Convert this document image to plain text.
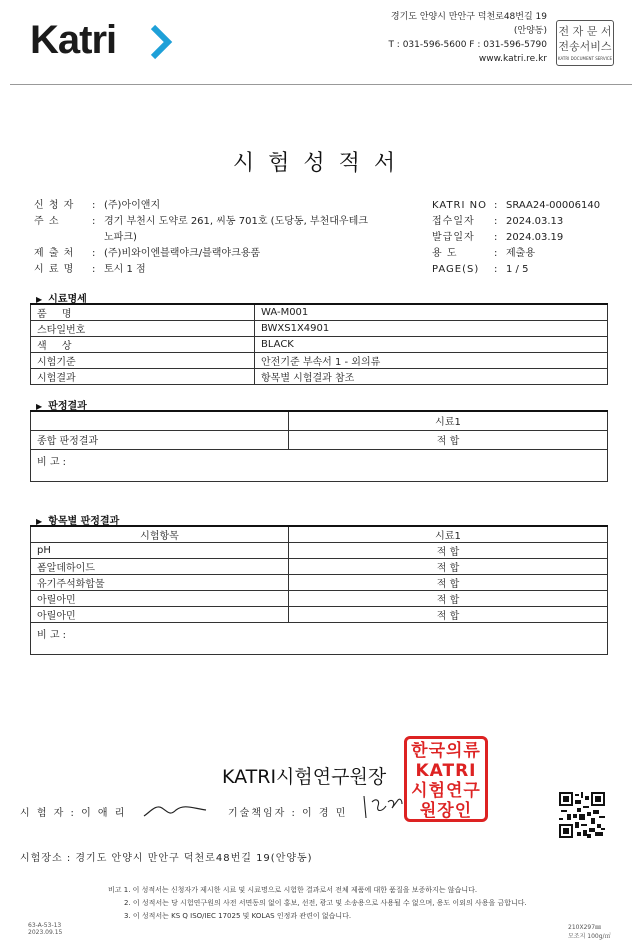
Katri
경기도 안양시 만안구 덕천로48번길 19
(안양동)
T : 031-596-5600 F : 031-596-5790
www.katri.re.kr
전 자 문 서
전송서비스
KATRI DOCUMENT SERVICE
시험성적서
신 청 자 : (주)아이앤지
주 소	: 경기 부천시 도약로 261, 씨동 701호 (도당동, 부천대우테크
노파크)
제 출 처 : (주)비와이엔블랙야크/블랙야크용품
시 료 명 : 토시 1 점
KATRI NO : SRAA24-00006140
접수일자 : 2024.03.13
발급일자 : 2024.03.19
용 도	: 제출용
PAGE(S) : 1 / 5
▶ 시료명세
품 명	WA-M001
스타일번호	BWXS1X4901
색 상	BLACK
시험기준	안전기준 부속서 1 - 외의류
시험결과	항목별 시험결과 참조
▶ 판정결과
	시료1
종합 판정결과	적 합
비 고 :	
▶ 항목별 판정결과
시험항목	시료1
pH	적 합
폼알데하이드	적 합
유기주석화합물	적 합
아릴아민	적 합
아릴아민	적 합
비 고 :	
KATRI시험연구원장
한국의류
KATRI
시험연구
원장인
시 험 자 : 이 애 리	기술책임자 : 이 경 민
시험장소 : 경기도 안양시 만안구 덕천로48번길 19(안양동)
비고 1. 이 성적서는 신청자가 제시한 시료 및 시료명으로 시험한 결과로서 전체 제품에 대한 품질을 보증하지는 않습니다.
2. 이 성적서는 당 시험연구원의 사전 서면동의 없이 홍보, 선전, 광고 및 소송용으로 사용될 수 없으며, 용도 이외의 사용을 금합니다.
3. 이 성적서는 KS Q ISO/IEC 17025 및 KOLAS 인정과 관련이 없습니다.
63-A-53-13
2023.09.15
210X297㎜
모조지 100g/㎡
